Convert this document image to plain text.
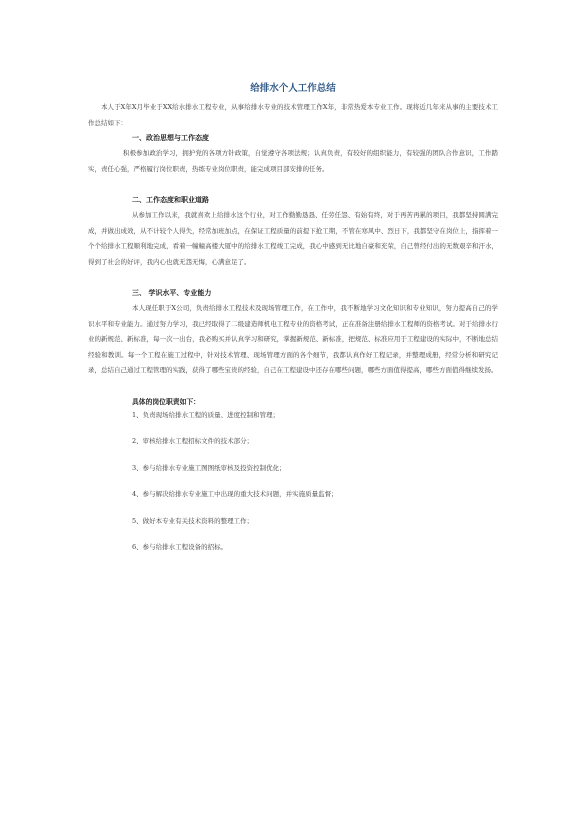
给排水个人工作总结

本人于X年X月毕业于XX给水排水工程专业，从事给排水专业的技术管理工作X年，非常热爱本专业工作。现将近几年来从事的主要技术工作总结如下：

一、政治思想与工作态度

积极参加政治学习，拥护党的各项方针政策，自觉遵守各项法规；认真负责，有较好的组织能力，有较强的团队合作意识，工作踏实，责任心强，严格履行岗位职责，热练专业岗位职责，能完成项目部安排的任务。

二、工作态度和职业道路

从参加工作以来，我就喜欢上给排水这个行业，对工作勤勤恳恳、任劳任怨、有始有终，对于再苦再累的项目，我都坚持圆满完成，并做出成效，从不计较个人得失，经常加班加点，在保证工程质量的前提下抢工期，不管在寒风中、烈日下，我都坚守在岗位上，指挥着一个个给排水工程顺利地完成，看着一幢幢高楼大厦中的给排水工程竣工完成，我心中感到无比地自豪和充荣，自己曾经付出的无数艰辛和汗水，得到了社会的好评，我内心也就无怨无悔，心满意足了。

三、 学识水平、专业能力

本人现任职于X公司，负责给排水工程技术及现场管理工作，在工作中，我不断地学习文化知识和专业知识，努力提高自己的学识水平和专业能力。通过努力学习，我已经取得了二级建造师机电工程专业的资格考试，正在准备注册给排水工程师的资格考试。对于给排水行业的新规范、新标准，每一次一出台，我必购买并认真学习和研究，掌握新规范、新标准，把规范、标准应用于工程建设的实际中，不断地总结经验和教训。每一个工程在施工过程中，针对技术管理、现场管理方面的各个细节，我都认真作好工程记录，并整理成册，经常分析和研究记录，总结自己通过工程管理的实践，获得了哪些宝贵的经验，自己在工程建设中还存在哪些问题，哪些方面值得提高，哪些方面值得继续发扬。

具体的岗位职责如下：
1、负责现场给排水工程的质量、进度控制和管理；
2、审核给排水工程招标文件的技术部分；
3、参与给排水专业施工图图纸审核及投资控制优化；
4、参与解决给排水专业施工中出现的重大技术问题，并实施质量监督；
5、做好本专业有关技术资料的整理工作；
6、参与给排水工程设备的招标。
